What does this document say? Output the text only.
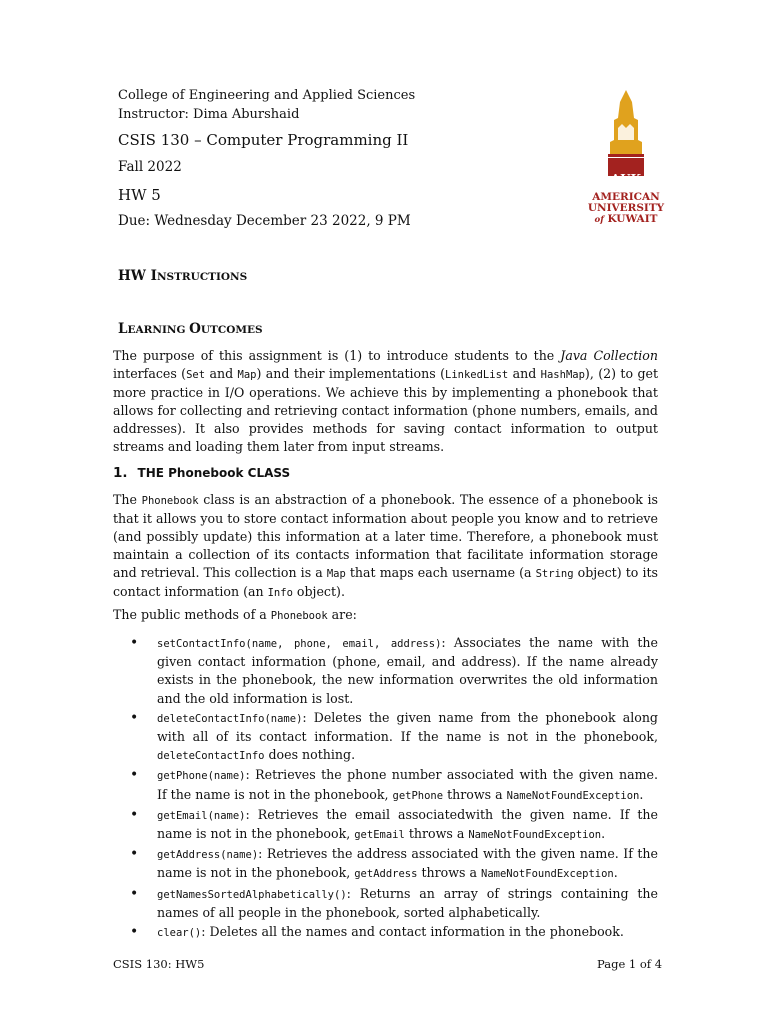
College of Engineering and Applied Sciences

Instructor: Dima Aburshaid

CSIS 130 – Computer Programming II
Fall 2022
HW 5
Due: Wednesday December 23 2022, 9 PM
AUK
AMERICAN
UNIVERSITY
of KUWAIT
HW INSTRUCTIONS
LEARNING OUTCOMES
The purpose of this assignment is (1) to introduce students to the Java Collection interfaces (Set and Map) and their implementations (LinkedList and HashMap), (2) to get more practice in I/O operations. We achieve this by implementing a phonebook that allows for collecting and retrieving contact information (phone numbers, emails, and addresses). It also provides methods for saving contact information to output streams and loading them later from input streams.
1. THE Phonebook CLASS
The Phonebook class is an abstraction of a phonebook. The essence of a phonebook is that it allows you to store contact information about people you know and to retrieve (and possibly update) this information at a later time. Therefore, a phonebook must maintain a collection of its contacts information that facilitate information storage and retrieval. This collection is a Map that maps each username (a String object) to its contact information (an Info object).
The public methods of a Phonebook are:
• setContactInfo(name, phone, email, address): Associates the name with the given contact information (phone, email, and address). If the name already exists in the phonebook, the new information overwrites the old information and the old information is lost.
• deleteContactInfo(name): Deletes the given name from the phonebook along with all of its contact information. If the name is not in the phonebook, deleteContactInfo does nothing.
• getPhone(name): Retrieves the phone number associated with the given name. If the name is not in the phonebook, getPhone throws a NameNotFoundException.
• getEmail(name): Retrieves the email associatedwith the given name. If the name is not in the phonebook, getEmail throws a NameNotFoundException.
• getAddress(name): Retrieves the address associated with the given name. If the name is not in the phonebook, getAddress throws a NameNotFoundException.
• getNamesSortedAlphabetically(): Returns an array of strings containing the names of all people in the phonebook, sorted alphabetically.
• clear(): Deletes all the names and contact information in the phonebook.
CSIS 130: HW5	Page 1 of 4
